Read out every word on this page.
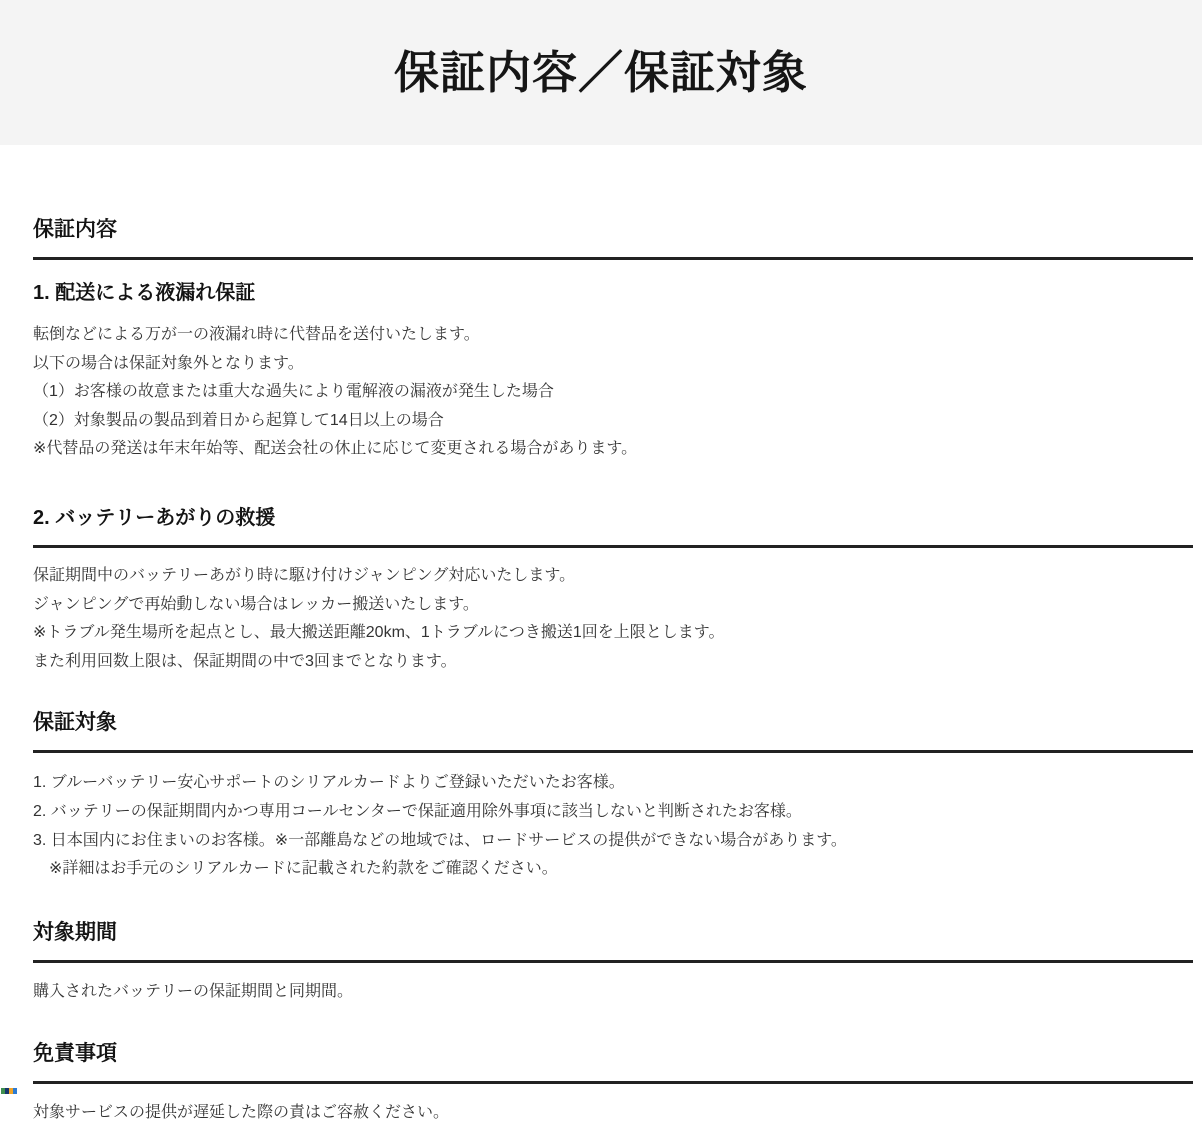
保証内容／保証対象
保証内容
1. 配送による液漏れ保証
転倒などによる万が一の液漏れ時に代替品を送付いたします。
以下の場合は保証対象外となります。
（1）お客様の故意または重大な過失により電解液の漏液が発生した場合
（2）対象製品の製品到着日から起算して14日以上の場合
※代替品の発送は年末年始等、配送会社の休止に応じて変更される場合があります。
2. バッテリーあがりの救援
保証期間中のバッテリーあがり時に駆け付けジャンピング対応いたします。
ジャンピングで再始動しない場合はレッカー搬送いたします。
※トラブル発生場所を起点とし、最大搬送距離20km、1トラブルにつき搬送1回を上限とします。
また利用回数上限は、保証期間の中で3回までとなります。
保証対象
1. ブルーバッテリー安心サポートのシリアルカードよりご登録いただいたお客様。
2. バッテリーの保証期間内かつ専用コールセンターで保証適用除外事項に該当しないと判断されたお客様。
3. 日本国内にお住まいのお客様。※一部離島などの地域では、ロードサービスの提供ができない場合があります。
※詳細はお手元のシリアルカードに記載された約款をご確認ください。
対象期間
購入されたバッテリーの保証期間と同期間。
免責事項
対象サービスの提供が遅延した際の責はご容赦ください。
